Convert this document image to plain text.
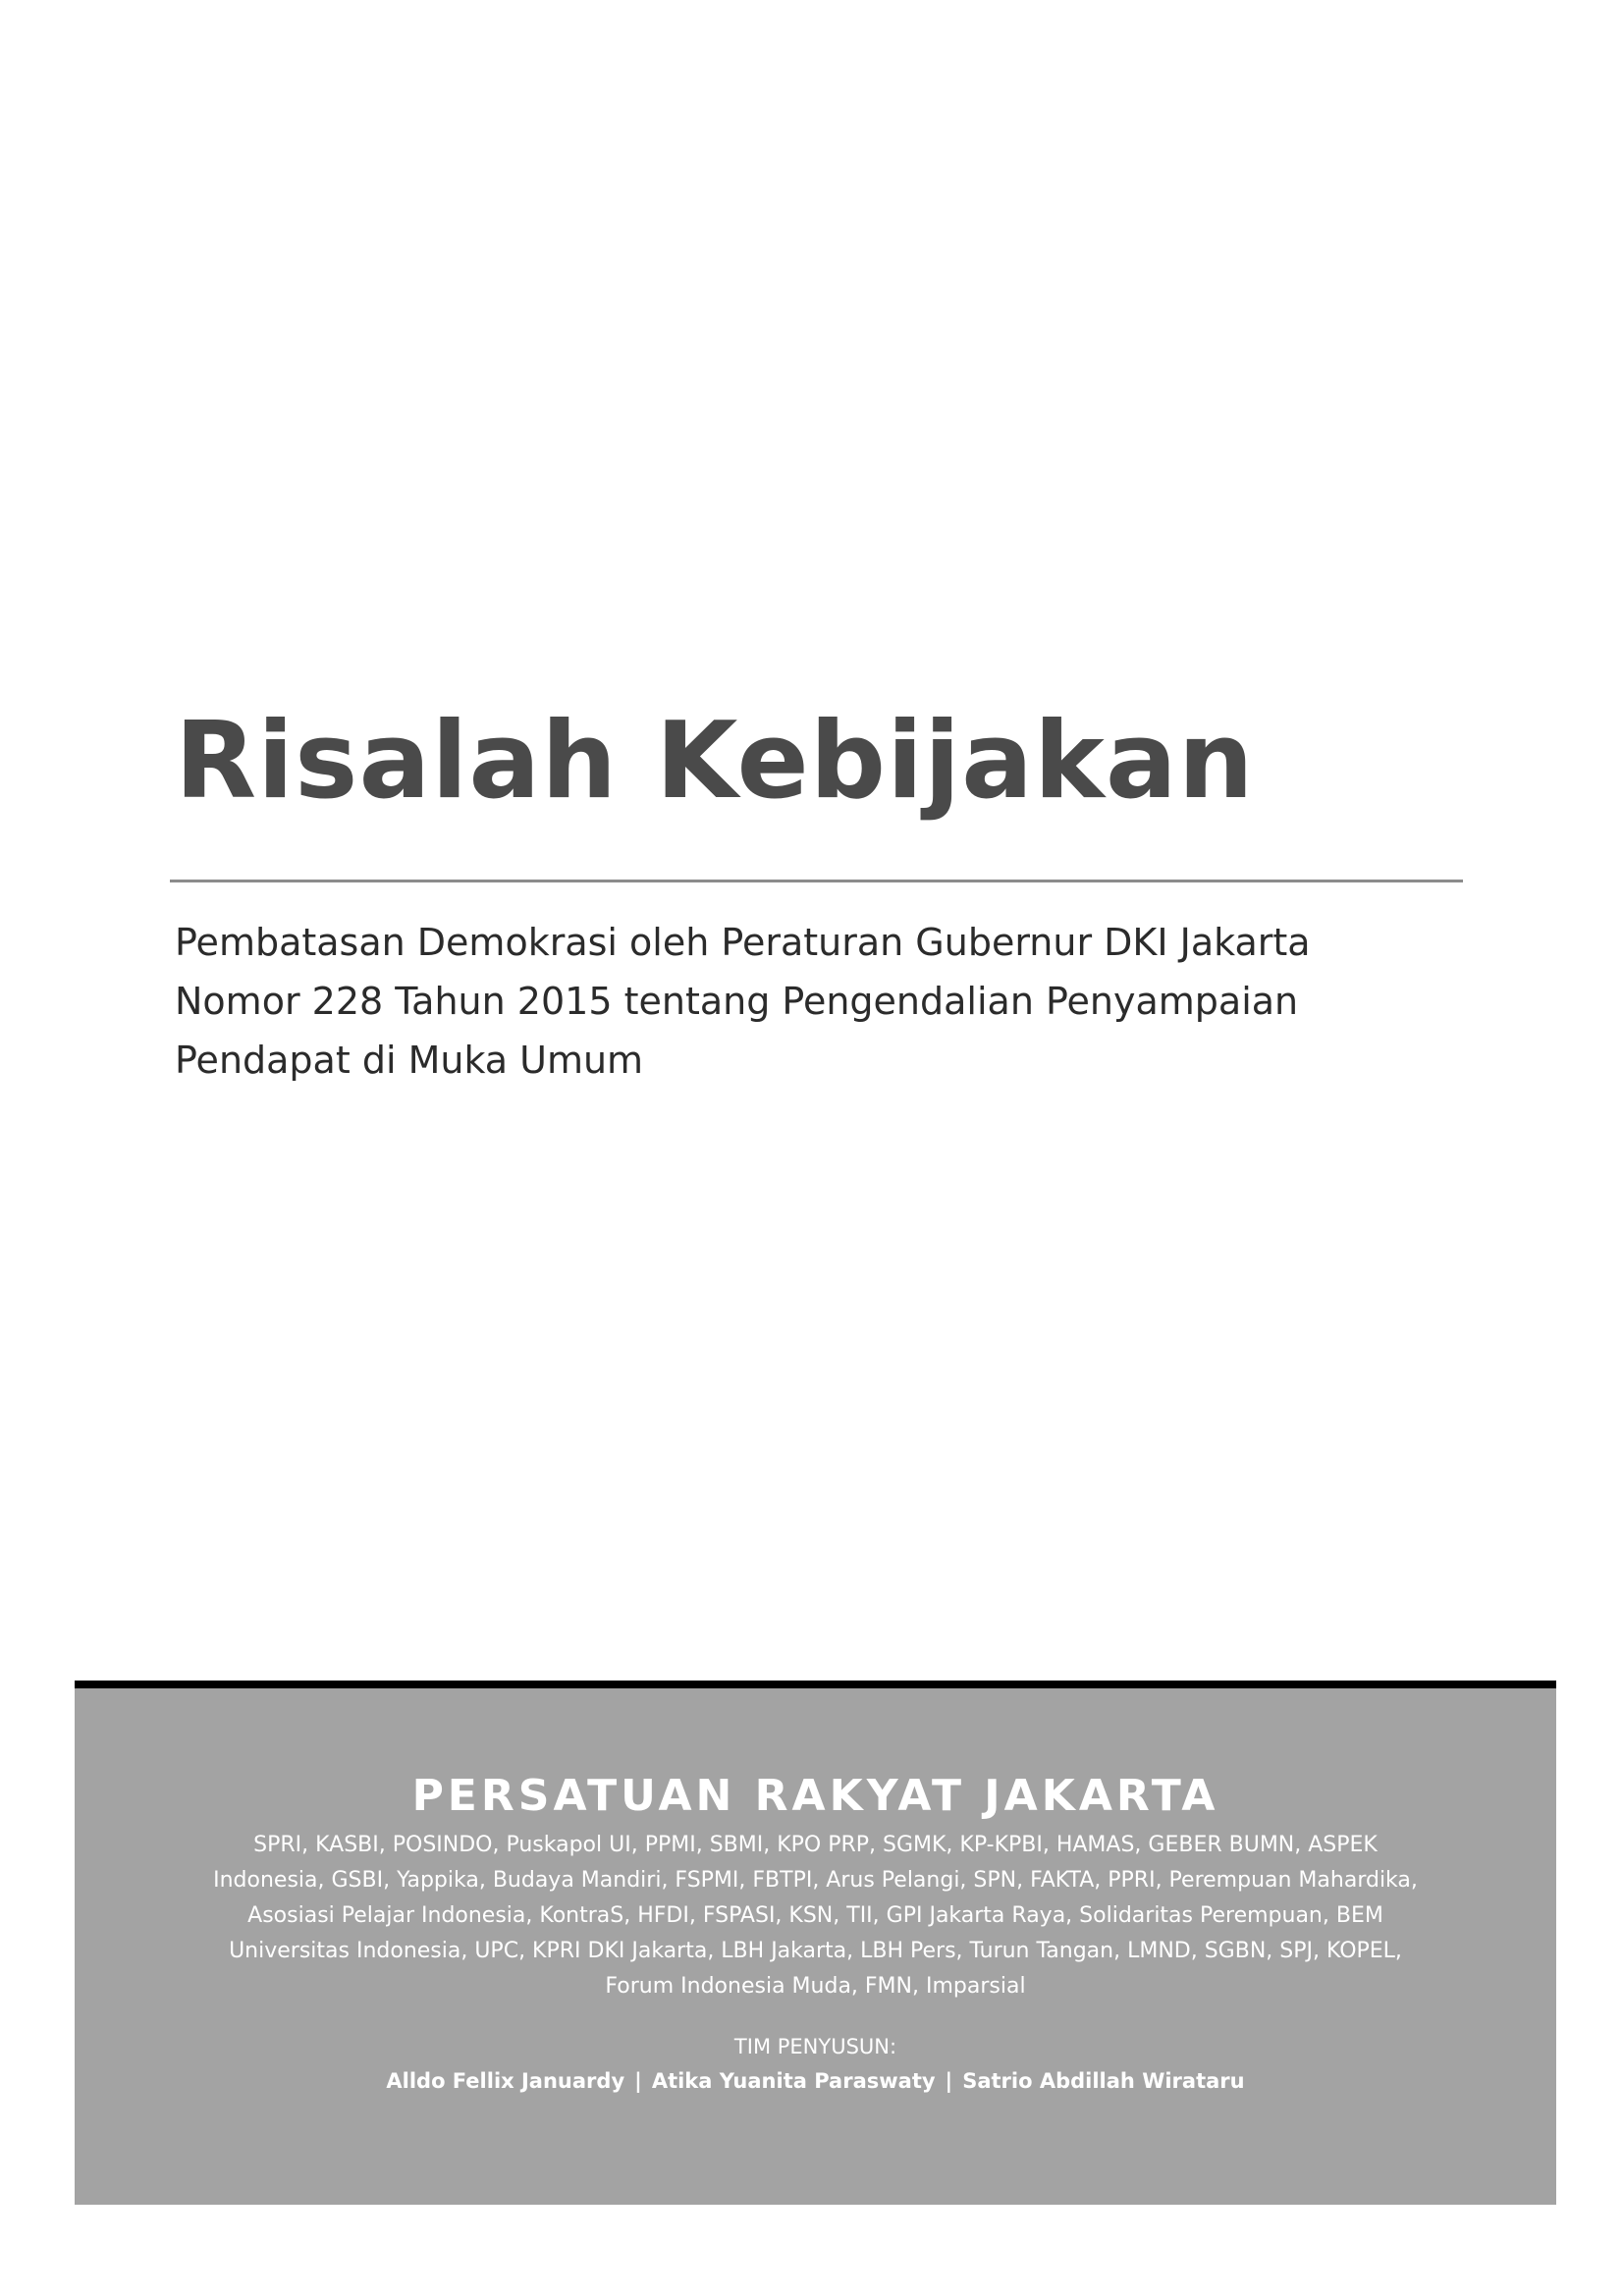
Risalah Kebijakan
Pembatasan Demokrasi oleh Peraturan Gubernur DKI Jakarta
Nomor 228 Tahun 2015 tentang Pengendalian Penyampaian
Pendapat di Muka Umum
PERSATUAN RAKYAT JAKARTA
SPRI, KASBI, POSINDO, Puskapol UI, PPMI, SBMI, KPO PRP, SGMK, KP-KPBI, HAMAS, GEBER BUMN, ASPEK
Indonesia, GSBI, Yappika, Budaya Mandiri, FSPMI, FBTPI, Arus Pelangi, SPN, FAKTA, PPRI, Perempuan Mahardika,
Asosiasi Pelajar Indonesia, KontraS, HFDI, FSPASI, KSN, TII, GPI Jakarta Raya, Solidaritas Perempuan, BEM
Universitas Indonesia, UPC, KPRI DKI Jakarta, LBH Jakarta, LBH Pers, Turun Tangan, LMND, SGBN, SPJ, KOPEL,
Forum Indonesia Muda, FMN, Imparsial
TIM PENYUSUN:
Alldo Fellix Januardy | Atika Yuanita Paraswaty | Satrio Abdillah Wirataru
